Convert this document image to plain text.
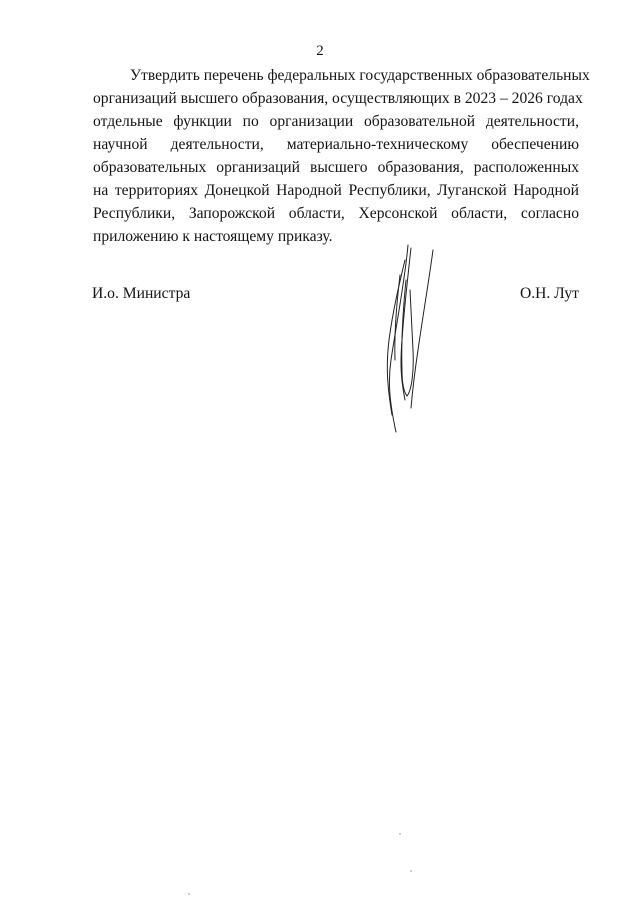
2
Утвердить перечень федеральных государственных образовательных
организаций высшего образования, осуществляющих в 2023 – 2026 годах
отдельные функции по организации образовательной деятельности,
научной деятельности, материально-техническому обеспечению
образовательных организаций высшего образования, расположенных
на территориях Донецкой Народной Республики, Луганской Народной
Республики, Запорожской области, Херсонской области, согласно
приложению к настоящему приказу.
И.о. Министра	О.Н. Лут
